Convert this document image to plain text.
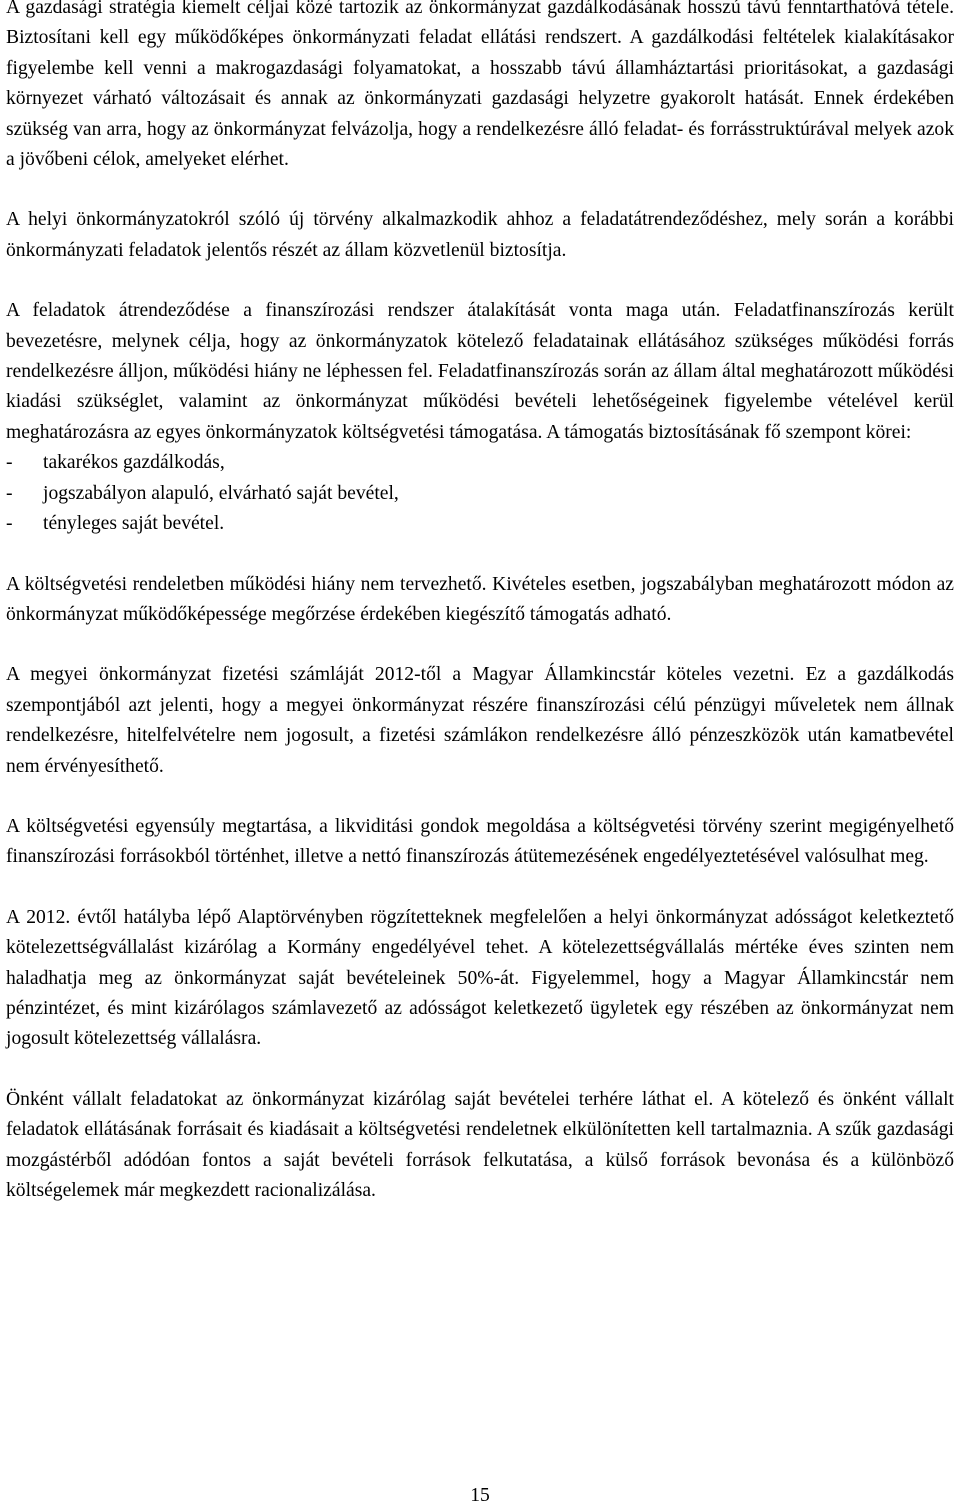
A gazdasági stratégia kiemelt céljai közé tartozik az önkormányzat gazdálkodásának hosszú távú fenntarthatóvá tétele. Biztosítani kell egy működőképes önkormányzati feladat ellátási rendszert. A gazdálkodási feltételek kialakításakor figyelembe kell venni a makrogazdasági folyamatokat, a hosszabb távú államháztartási prioritásokat, a gazdasági környezet várható változásait és annak az önkormányzati gazdasági helyzetre gyakorolt hatását. Ennek érdekében szükség van arra, hogy az önkormányzat felvázolja, hogy a rendelkezésre álló feladat- és forrásstruktúrával melyek azok a jövőbeni célok, amelyeket elérhet.

A helyi önkormányzatokról szóló új törvény alkalmazkodik ahhoz a feladatátrendeződéshez, mely során a korábbi önkormányzati feladatok jelentős részét az állam közvetlenül biztosítja.

A feladatok átrendeződése a finanszírozási rendszer átalakítását vonta maga után. Feladatfinanszírozás került bevezetésre, melynek célja, hogy az önkormányzatok kötelező feladatainak ellátásához szükséges működési forrás rendelkezésre álljon, működési hiány ne léphessen fel. Feladatfinanszírozás során az állam által meghatározott működési kiadási szükséglet, valamint az önkormányzat működési bevételi lehetőségeinek figyelembe vételével kerül meghatározásra az egyes önkormányzatok költségvetési támogatása. A támogatás biztosításának fő szempont körei:

- takarékos gazdálkodás,
- jogszabályon alapuló, elvárható saját bevétel,
- tényleges saját bevétel.

A költségvetési rendeletben működési hiány nem tervezhető. Kivételes esetben, jogszabályban meghatározott módon az önkormányzat működőképessége megőrzése érdekében kiegészítő támogatás adható.

A megyei önkormányzat fizetési számláját 2012-től a Magyar Államkincstár köteles vezetni. Ez a gazdálkodás szempontjából azt jelenti, hogy a megyei önkormányzat részére finanszírozási célú pénzügyi műveletek nem állnak rendelkezésre, hitelfelvételre nem jogosult, a fizetési számlákon rendelkezésre álló pénzeszközök után kamatbevétel nem érvényesíthető.

A költségvetési egyensúly megtartása, a likviditási gondok megoldása a költségvetési törvény szerint megigényelhető finanszírozási forrásokból történhet, illetve a nettó finanszírozás átütemezésének engedélyeztetésével valósulhat meg.

A 2012. évtől hatályba lépő Alaptörvényben rögzítetteknek megfelelően a helyi önkormányzat adósságot keletkeztető kötelezettségvállalást kizárólag a Kormány engedélyével tehet. A kötelezettségvállalás mértéke éves szinten nem haladhatja meg az önkormányzat saját bevételeinek 50%-át. Figyelemmel, hogy a Magyar Államkincstár nem pénzintézet, és mint kizárólagos számlavezető az adósságot keletkezető ügyletek egy részében az önkormányzat nem jogosult kötelezettség vállalásra.

Önként vállalt feladatokat az önkormányzat kizárólag saját bevételei terhére láthat el. A kötelező és önként vállalt feladatok ellátásának forrásait és kiadásait a költségvetési rendeletnek elkülönítetten kell tartalmaznia. A szűk gazdasági mozgástérből adódóan fontos a saját bevételi források felkutatása, a külső források bevonása és a különböző költségelemek már megkezdett racionalizálása.

15
